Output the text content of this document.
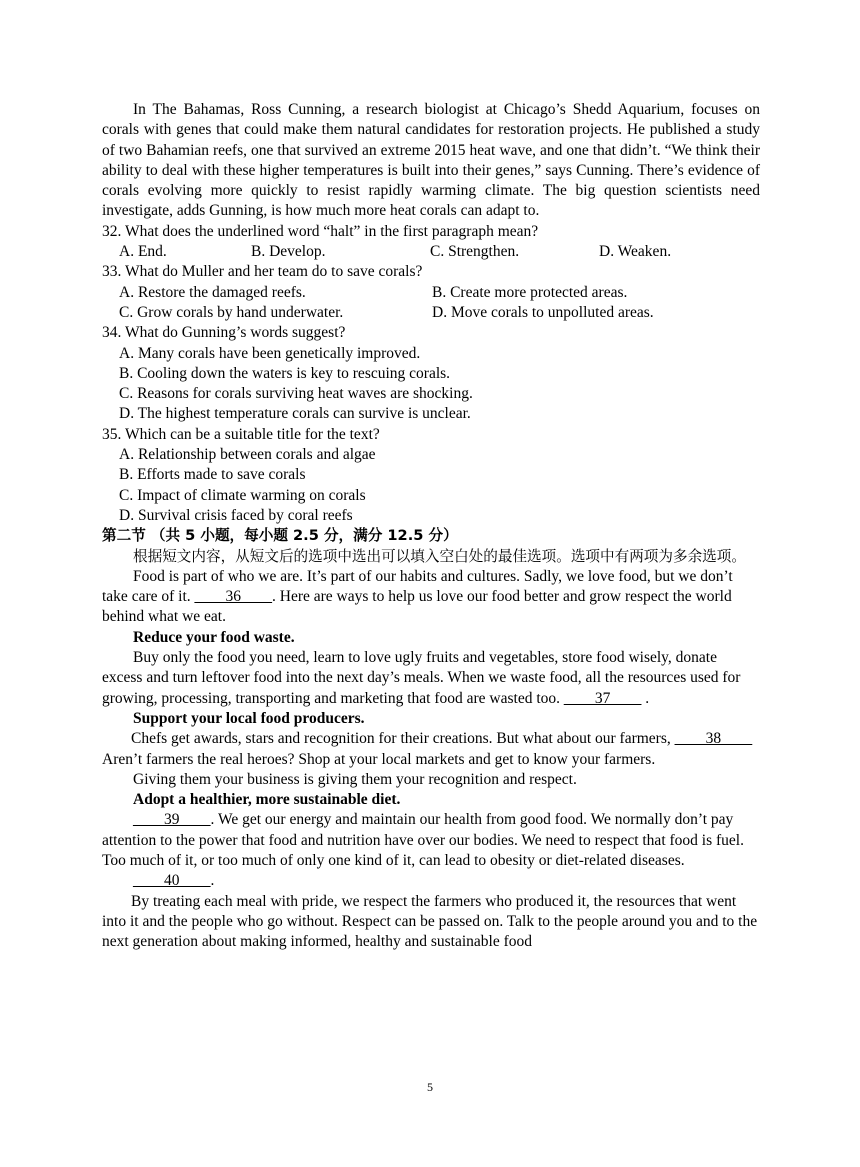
In The Bahamas, Ross Cunning, a research biologist at Chicago’s Shedd Aquarium, focuses on corals with genes that could make them natural candidates for restoration projects. He published a study of two Bahamian reefs, one that survived an extreme 2015 heat wave, and one that didn’t. “We think their ability to deal with these higher temperatures is built into their genes,” says Cunning. There’s evidence of corals evolving more quickly to resist rapidly warming climate. The big question scientists need investigate, adds Gunning, is how much more heat corals can adapt to.

32. What does the underlined word “halt” in the first paragraph mean?

A. End.	B. Develop.	C. Strengthen.	D. Weaken.

33. What do Muller and her team do to save corals?

A. Restore the damaged reefs.	B. Create more protected areas.
C. Grow corals by hand underwater.	D. Move corals to unpolluted areas.

34. What do Gunning’s words suggest?

A. Many corals have been genetically improved.

B. Cooling down the waters is key to rescuing corals.

C. Reasons for corals surviving heat waves are shocking.

D. The highest temperature corals can survive is unclear.

35. Which can be a suitable title for the text?

A. Relationship between corals and algae

B. Efforts made to save corals

C. Impact of climate warming on corals

D. Survival crisis faced by coral reefs

第二节 （共 5 小题，每小题 2.5 分，满分 12.5 分）

根据短文内容，从短文后的选项中选出可以填入空白处的最佳选项。选项中有两项为多余选项。

Food is part of who we are. It’s part of our habits and cultures. Sadly, we love food, but we don’t take care of it. ____36____. Here are ways to help us love our food better and grow respect the world behind what we eat.

Reduce your food waste.

Buy only the food you need, learn to love ugly fruits and vegetables, store food wisely, donate excess and turn leftover food into the next day’s meals. When we waste food, all the resources used for growing, processing, transporting and marketing that food are wasted too. ____37____ .

Support your local food producers.

Chefs get awards, stars and recognition for their creations. But what about our farmers, ____38____ Aren’t farmers the real heroes? Shop at your local markets and get to know your farmers.

Giving them your business is giving them your recognition and respect.

Adopt a healthier, more sustainable diet.

____39____. We get our energy and maintain our health from good food. We normally don’t pay attention to the power that food and nutrition have over our bodies. We need to respect that food is fuel. Too much of it, or too much of only one kind of it, can lead to obesity or diet-related diseases.

____40____.

By treating each meal with pride, we respect the farmers who produced it, the resources that went into it and the people who go without. Respect can be passed on. Talk to the people around you and to the next generation about making informed, healthy and sustainable food

5
